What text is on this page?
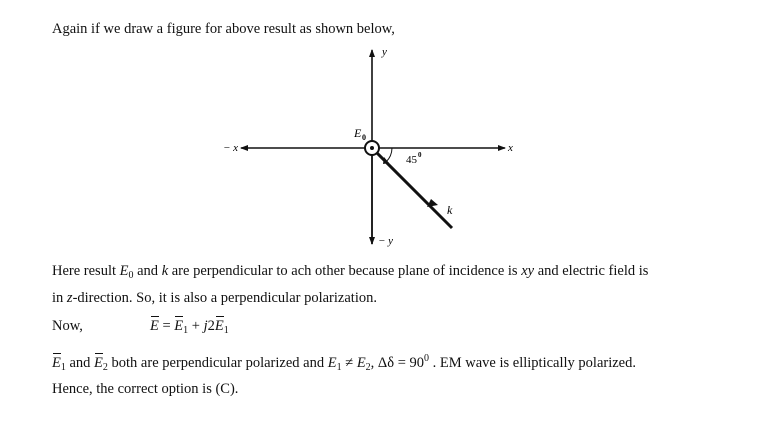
Again if we draw a figure for above result as shown below,
y
− y
x
− x
E 0
45 0
k
Here result $E_0$ and k are perpendicular to ach other because plane of incidence is xy and electric field is
in z-direction. So, it is also a perpendicular polarization.
Now,	$E = E_1 + j2E_1$
$E_1$ and $E_2$ both are perpendicular polarized and $E_1 \ne E_2$, $\Delta\delta = 90^0$ . EM wave is elliptically polarized.
Hence, the correct option is (C).
